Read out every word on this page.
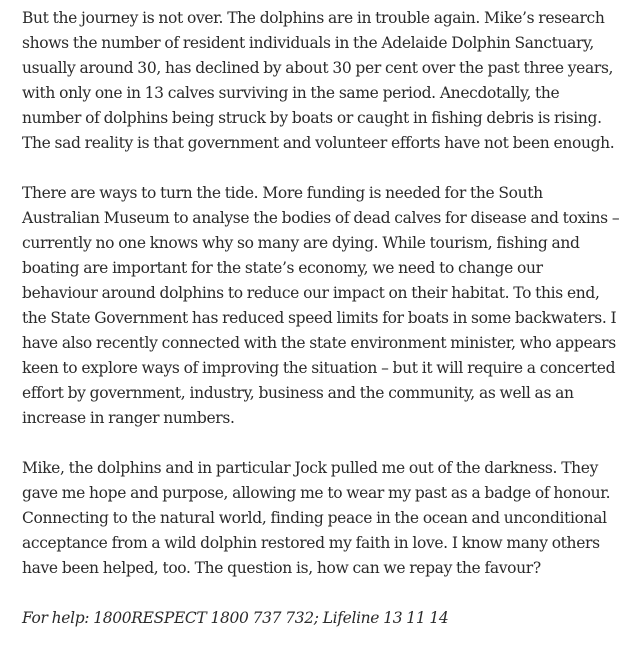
But the journey is not over. The dolphins are in trouble again. Mike’s research shows the number of resident individuals in the Adelaide Dolphin Sanctuary, usually around 30, has declined by about 30 per cent over the past three years, with only one in 13 calves surviving in the same period. Anecdotally, the number of dolphins being struck by boats or caught in fishing debris is rising. The sad reality is that government and volunteer efforts have not been enough.

There are ways to turn the tide. More funding is needed for the South Australian Museum to analyse the bodies of dead calves for disease and toxins – currently no one knows why so many are dying. While tourism, fishing and boating are important for the state’s economy, we need to change our behaviour around dolphins to reduce our impact on their habitat. To this end, the State Government has reduced speed limits for boats in some backwaters. I have also recently connected with the state environment minister, who appears keen to explore ways of improving the situation – but it will require a concerted effort by government, industry, business and the community, as well as an increase in ranger numbers.

Mike, the dolphins and in particular Jock pulled me out of the darkness. They gave me hope and purpose, allowing me to wear my past as a badge of honour. Connecting to the natural world, finding peace in the ocean and unconditional acceptance from a wild dolphin restored my faith in love. I know many others have been helped, too. The question is, how can we repay the favour?

For help: 1800RESPECT 1800 737 732; Lifeline 13 11 14
